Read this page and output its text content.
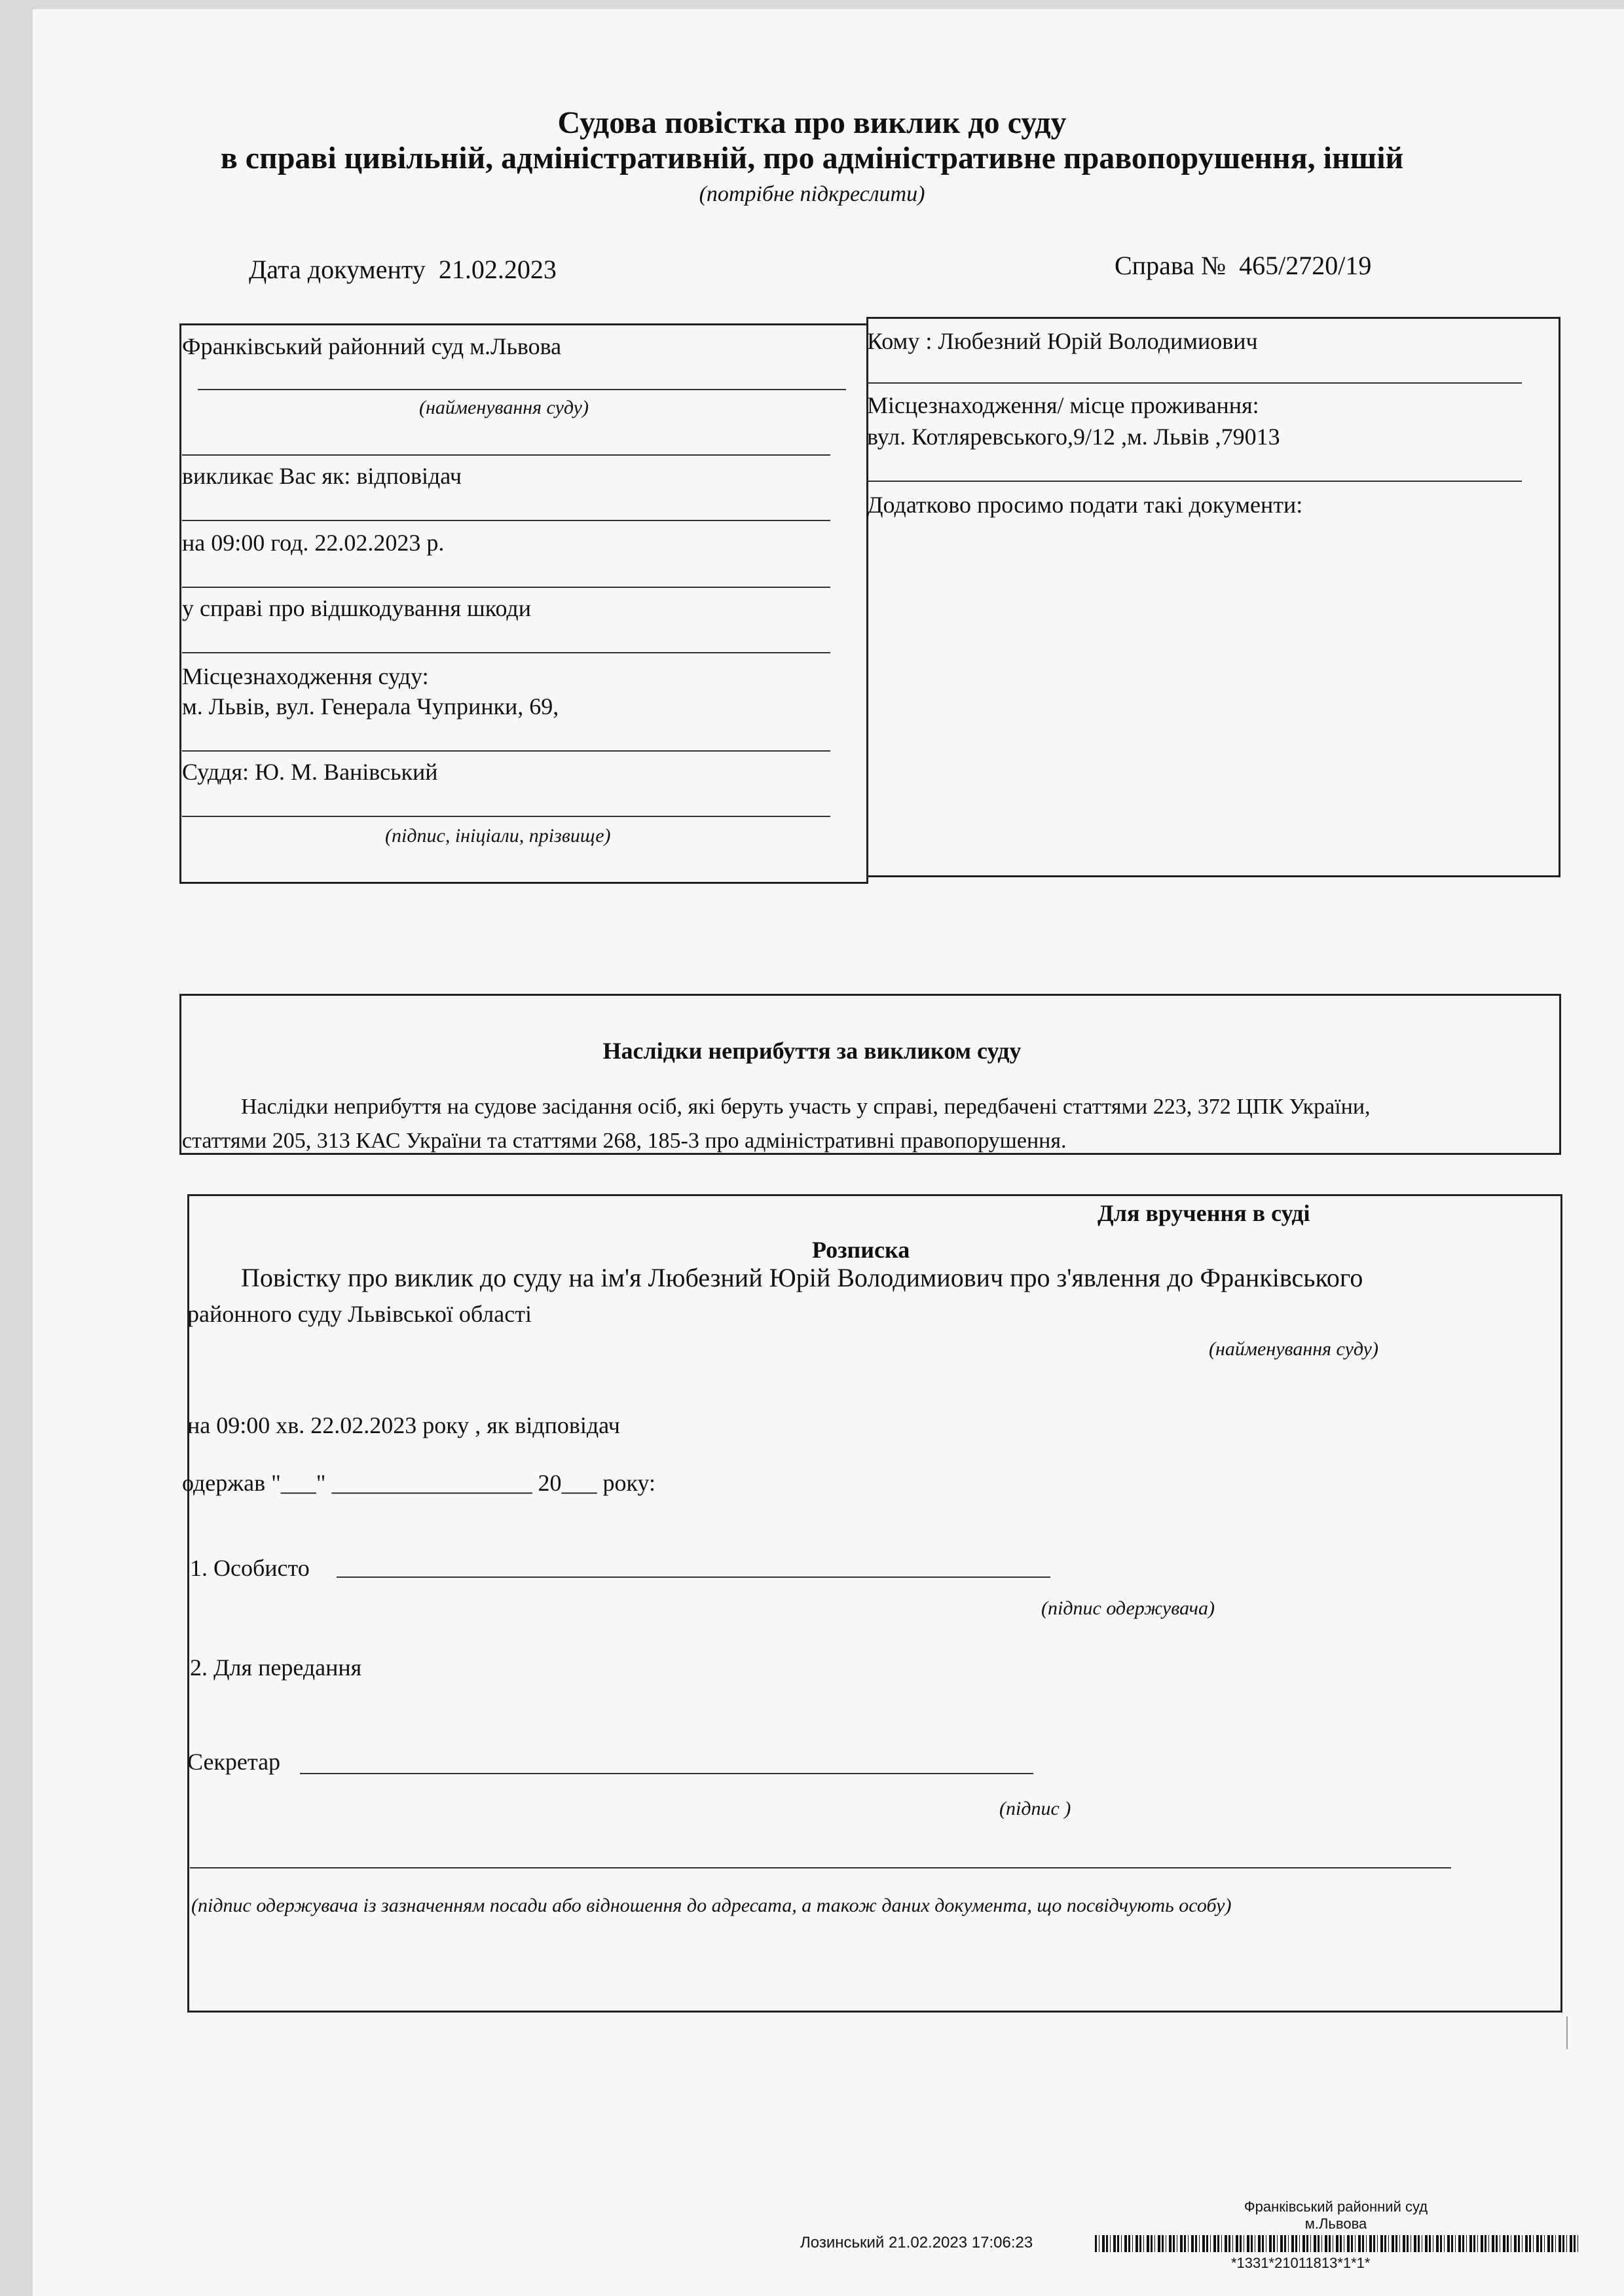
Судова повістка про виклик до суду
в справі цивільній, адміністративній, про адміністративне правопорушення, іншій
(потрібне підкреслити)
Дата документу 21.02.2023	Справа № 465/2720/19
Франківський районний суд м.Львова
(найменування суду)
викликає Вас як: відповідач
на 09:00 год. 22.02.2023 р.
у справі про відшкодування шкоди
Місцезнаходження суду:
м. Львів, вул. Генерала Чупринки, 69,
Суддя: Ю. М. Ванівський
(підпис, ініціали, прізвище)
Кому : Любезний Юрій Володимиович
Місцезнаходження/ місце проживання:
вул. Котляревського,9/12 ,м. Львів ,79013
Додатково просимо подати такі документи:
Наслідки неприбуття за викликом суду
Наслідки неприбуття на судове засідання осіб, які беруть участь у справі, передбачені статтями 223, 372 ЦПК України,
статтями 205, 313 КАС України та статтями 268, 185-3 про адміністративні правопорушення.
Для вручення в суді
Розписка
Повістку про виклик до суду на ім'я Любезний Юрій Володимиович про з'явлення до Франківського
районного суду Львівської області
(найменування суду)
на 09:00 хв. 22.02.2023 року , як відповідач
одержав "___" _________________ 20___ року:
1. Особисто
(підпис одержувача)
2. Для передання
Секретар
(підпис )
(підпис одержувача із зазначенням посади або відношення до адресата, а також даних документа, що посвідчують особу)
Франківський районний суд
м.Львова
Лозинський 21.02.2023 17:06:23
*1331*21011813*1*1*
